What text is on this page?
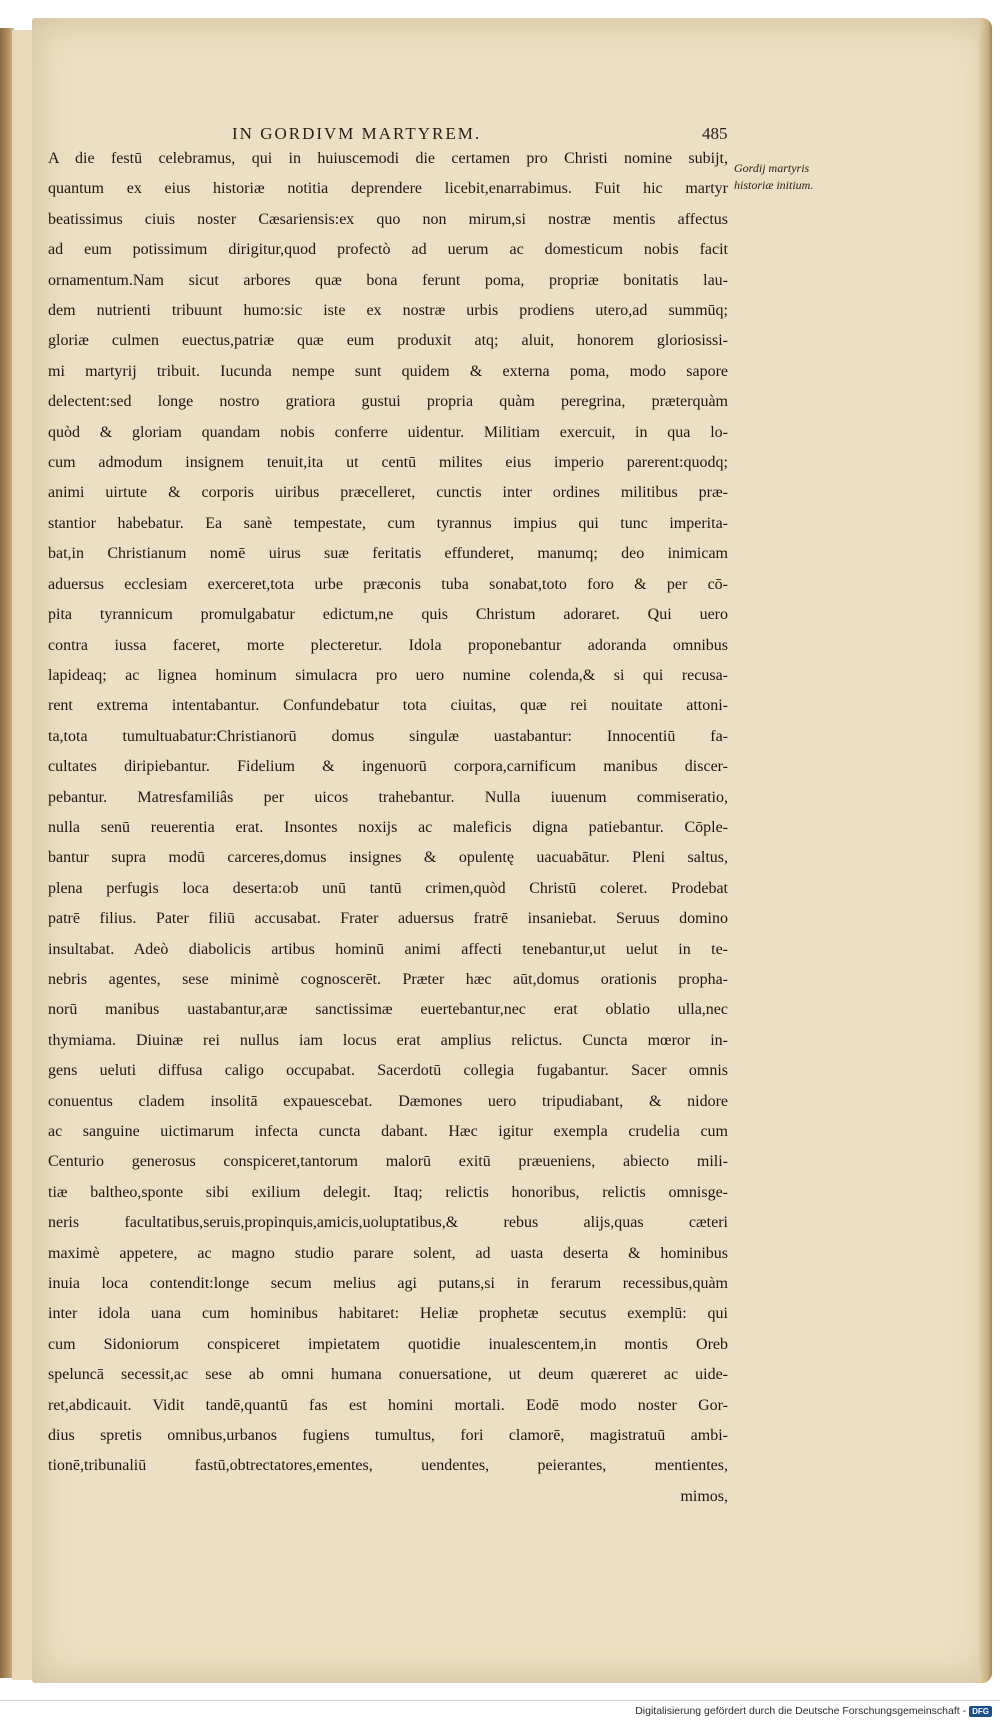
IN GORDIVM MARTYREM.	485
A die festū celebramus, qui in huiuscemodi die certamen pro Christi nomine subijt,
quantum ex eius historiæ notitia deprendere licebit,enarrabimus. Fuit hic martyr
beatissimus ciuis noster Cæsariensis:ex quo non mirum,si nostræ mentis affectus
ad eum potissimum dirigitur,quod profectò ad uerum ac domesticum nobis facit
ornamentum.Nam sicut arbores quæ bona ferunt poma, propriæ bonitatis lau-
dem nutrienti tribuunt humo:sic iste ex nostræ urbis prodiens utero,ad summūq;
gloriæ culmen euectus,patriæ quæ eum produxit atq; aluit, honorem gloriosissi-
mi martyrij tribuit. Iucunda nempe sunt quidem & externa poma, modo sapore
delectent:sed longe nostro gratiora gustui propria quàm peregrina, præterquàm
quòd & gloriam quandam nobis conferre uidentur. Militiam exercuit, in qua lo-
cum admodum insignem tenuit,ita ut centū milites eius imperio parerent:quodq;
animi uirtute & corporis uiribus præcelleret, cunctis inter ordines militibus præ-
stantior habebatur. Ea sanè tempestate, cum tyrannus impius qui tunc imperita-
bat,in Christianum nomē uirus suæ feritatis effunderet, manumq; deo inimicam
aduersus ecclesiam exerceret,tota urbe præconis tuba sonabat,toto foro & per cō-
pita tyrannicum promulgabatur edictum,ne quis Christum adoraret. Qui uero
contra iussa faceret, morte plecteretur. Idola proponebantur adoranda omnibus
lapideaq; ac lignea hominum simulacra pro uero numine colenda,& si qui recusa-
rent extrema intentabantur. Confundebatur tota ciuitas, quæ rei nouitate attoni-
ta,tota tumultuabatur:Christianorū domus singulæ uastabantur: Innocentiū fa-
cultates diripiebantur. Fidelium & ingenuorū corpora,carnificum manibus discer-
pebantur. Matresfamiliâs per uicos trahebantur. Nulla iuuenum commiseratio,
nulla senū reuerentia erat. Insontes noxijs ac maleficis digna patiebantur. Cōple-
bantur supra modū carceres,domus insignes & opulentę uacuabātur. Pleni saltus,
plena perfugis loca deserta:ob unū tantū crimen,quòd Christū coleret. Prodebat
patrē filius. Pater filiū accusabat. Frater aduersus fratrē insaniebat. Seruus domino
insultabat. Adeò diabolicis artibus hominū animi affecti tenebantur,ut uelut in te-
nebris agentes, sese minimè cognoscerēt. Præter hæc aūt,domus orationis propha-
norū manibus uastabantur,aræ sanctissimæ euertebantur,nec erat oblatio ulla,nec
thymiama. Diuinæ rei nullus iam locus erat amplius relictus. Cuncta mœror in-
gens ueluti diffusa caligo occupabat. Sacerdotū collegia fugabantur. Sacer omnis
conuentus cladem insolitā expauescebat. Dæmones uero tripudiabant, & nidore
ac sanguine uictimarum infecta cuncta dabant. Hæc igitur exempla crudelia cum
Centurio generosus conspiceret,tantorum malorū exitū præueniens, abiecto mili-
tiæ baltheo,sponte sibi exilium delegit. Itaq; relictis honoribus, relictis omnisge-
neris facultatibus,seruis,propinquis,amicis,uoluptatibus,& rebus alijs,quas cæteri
maximè appetere, ac magno studio parare solent, ad uasta deserta & hominibus
inuia loca contendit:longe secum melius agi putans,si in ferarum recessibus,quàm
inter idola uana cum hominibus habitaret: Heliæ prophetæ secutus exemplū: qui
cum Sidoniorum conspiceret impietatem quotidie inualescentem,in montis Oreb
speluncā secessit,ac sese ab omni humana conuersatione, ut deum quæreret ac uide-
ret,abdicauit. Vidit tandē,quantū fas est homini mortali. Eodē modo noster Gor-
dius spretis omnibus,urbanos fugiens tumultus, fori clamorē, magistratuū ambi-
tionē,tribunaliū fastū,obtrectatores,ementes, uendentes, peierantes, mentientes,
mimos,
Gordij martyris historiæ initium.
Digitalisierung gefördert durch die Deutsche Forschungsgemeinschaft - DFG
